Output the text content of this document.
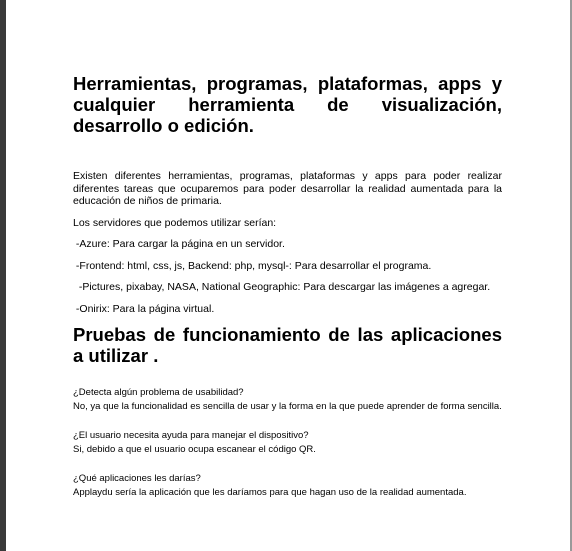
Herramientas, programas, plataformas, apps y cualquier herramienta de visualización, desarrollo o edición.

Existen diferentes herramientas, programas, plataformas y apps para poder realizar diferentes tareas que ocuparemos para poder desarrollar la realidad aumentada para la educación de niños de primaria.

Los servidores que podemos utilizar serían:

-Azure: Para cargar la página en un servidor.

-Frontend: html, css, js, Backend: php, mysql-: Para desarrollar el programa.

-Pictures, pixabay, NASA, National Geographic: Para descargar las imágenes a agregar.

-Onirix: Para la página virtual.

Pruebas de funcionamiento de las aplicaciones a utilizar .

¿Detecta algún problema de usabilidad?

No, ya que la funcionalidad es sencilla de usar y la forma en la que puede aprender de forma sencilla.

¿El usuario necesita ayuda para manejar el dispositivo?

Si, debido a que el usuario ocupa escanear el código QR.

¿Qué aplicaciones les darías?

Applaydu sería la aplicación que les daríamos para que hagan uso de la realidad aumentada.
